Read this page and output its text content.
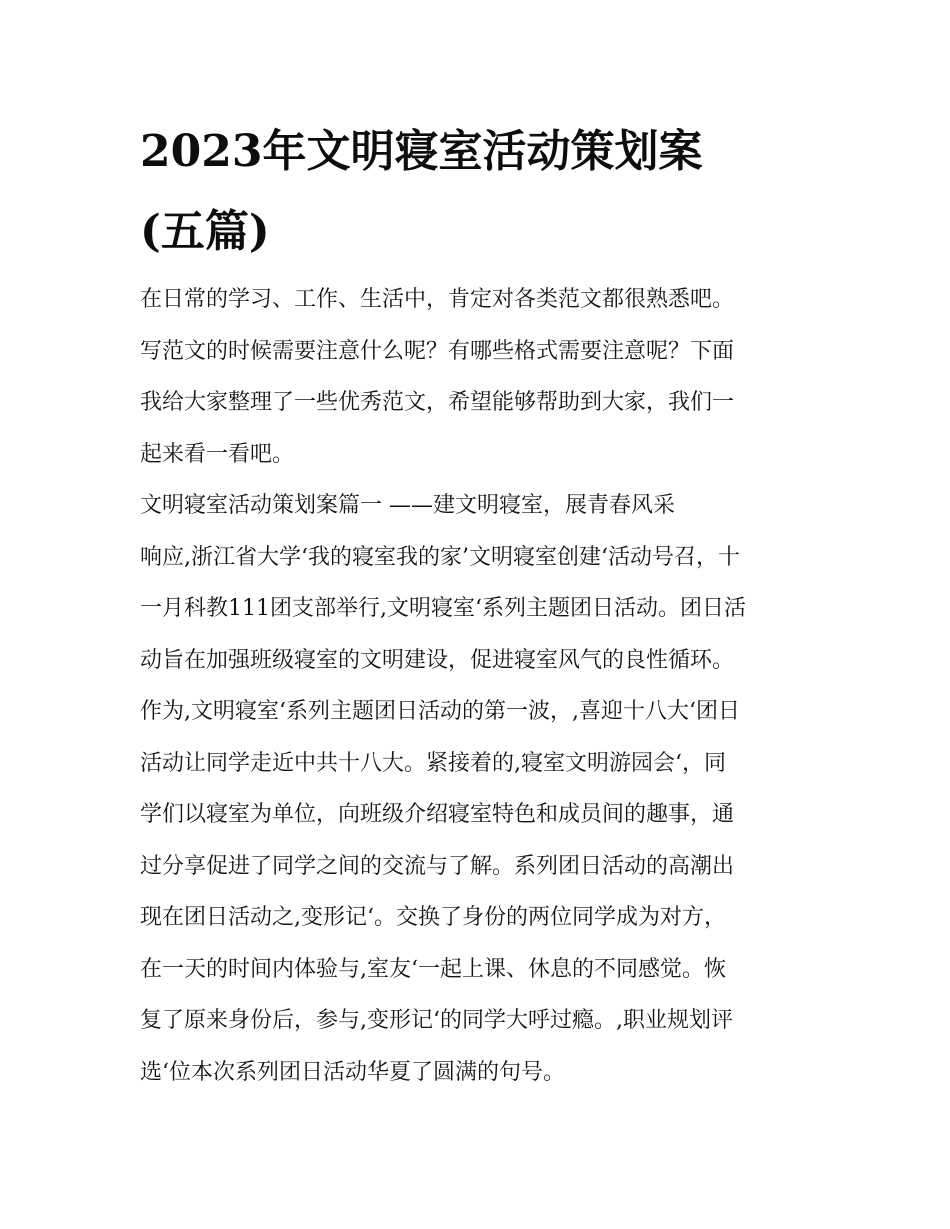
2023年文明寝室活动策划案
(五篇)
在日常的学习、工作、生活中，肯定对各类范文都很熟悉吧。
写范文的时候需要注意什么呢？有哪些格式需要注意呢？下面
我给大家整理了一些优秀范文，希望能够帮助到大家，我们一
起来看一看吧。
文明寝室活动策划案篇一 ——建文明寝室，展青春风采
响应,浙江省大学‘我的寝室我的家’文明寝室创建‘活动号召，十
一月科教111团支部举行,文明寝室‘系列主题团日活动。团日活
动旨在加强班级寝室的文明建设，促进寝室风气的良性循环。
作为,文明寝室‘系列主题团日活动的第一波，,喜迎十八大‘团日
活动让同学走近中共十八大。紧接着的,寝室文明游园会‘，同
学们以寝室为单位，向班级介绍寝室特色和成员间的趣事，通
过分享促进了同学之间的交流与了解。系列团日活动的高潮出
现在团日活动之,变形记‘。交换了身份的两位同学成为对方，
在一天的时间内体验与,室友‘一起上课、休息的不同感觉。恢
复了原来身份后，参与,变形记‘的同学大呼过瘾。,职业规划评
选‘位本次系列团日活动华夏了圆满的句号。
